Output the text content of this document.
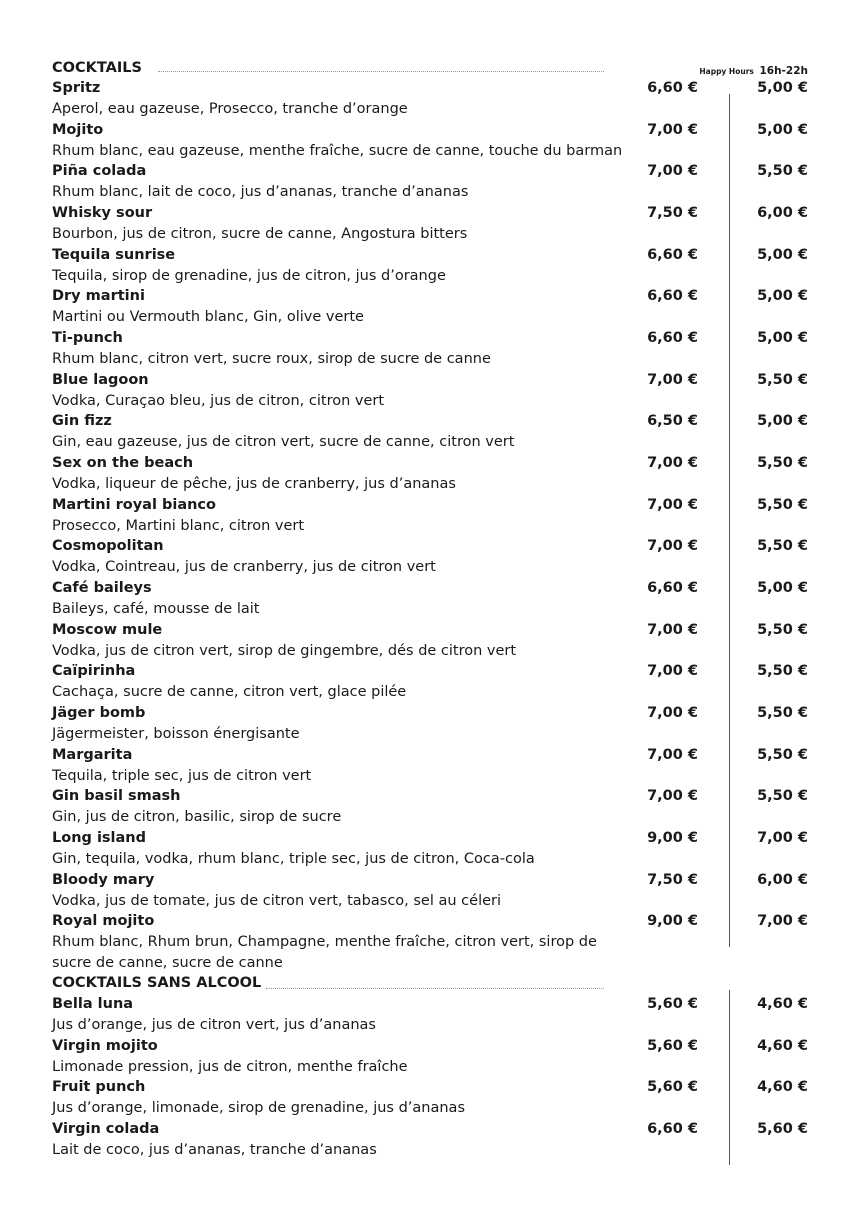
COCKTAILS	Happy Hours 16h-22h
Spritz	6,60 €	5,00 €
Aperol, eau gazeuse, Prosecco, tranche d’orange
Mojito	7,00 €	5,00 €
Rhum blanc, eau gazeuse, menthe fraîche, sucre de canne, touche du barman
Piña colada	7,00 €	5,50 €
Rhum blanc, lait de coco, jus d’ananas, tranche d’ananas
Whisky sour	7,50 €	6,00 €
Bourbon, jus de citron, sucre de canne, Angostura bitters
Tequila sunrise	6,60 €	5,00 €
Tequila, sirop de grenadine, jus de citron, jus d’orange
Dry martini	6,60 €	5,00 €
Martini ou Vermouth blanc, Gin, olive verte
Ti-punch	6,60 €	5,00 €
Rhum blanc, citron vert, sucre roux, sirop de sucre de canne
Blue lagoon	7,00 €	5,50 €
Vodka, Curaçao bleu, jus de citron, citron vert
Gin fizz	6,50 €	5,00 €
Gin, eau gazeuse, jus de citron vert, sucre de canne, citron vert
Sex on the beach	7,00 €	5,50 €
Vodka, liqueur de pêche, jus de cranberry, jus d’ananas
Martini royal bianco	7,00 €	5,50 €
Prosecco, Martini blanc, citron vert
Cosmopolitan	7,00 €	5,50 €
Vodka, Cointreau, jus de cranberry, jus de citron vert
Café baileys	6,60 €	5,00 €
Baileys, café, mousse de lait
Moscow mule	7,00 €	5,50 €
Vodka, jus de citron vert, sirop de gingembre, dés de citron vert
Caïpirinha	7,00 €	5,50 €
Cachaça, sucre de canne, citron vert, glace pilée
Jäger bomb	7,00 €	5,50 €
Jägermeister, boisson énergisante
Margarita	7,00 €	5,50 €
Tequila, triple sec, jus de citron vert
Gin basil smash	7,00 €	5,50 €
Gin, jus de citron, basilic, sirop de sucre
Long island	9,00 €	7,00 €
Gin, tequila, vodka, rhum blanc, triple sec, jus de citron, Coca-cola
Bloody mary	7,50 €	6,00 €
Vodka, jus de tomate, jus de citron vert, tabasco, sel au céleri
Royal mojito	9,00 €	7,00 €
Rhum blanc, Rhum brun, Champagne, menthe fraîche, citron vert, sirop de sucre de canne, sucre de canne
COCKTAILS SANS ALCOOL
Bella luna	5,60 €	4,60 €
Jus d’orange, jus de citron vert, jus d’ananas
Virgin mojito	5,60 €	4,60 €
Limonade pression, jus de citron, menthe fraîche
Fruit punch	5,60 €	4,60 €
Jus d’orange, limonade, sirop de grenadine, jus d’ananas
Virgin colada	6,60 €	5,60 €
Lait de coco, jus d’ananas, tranche d’ananas
